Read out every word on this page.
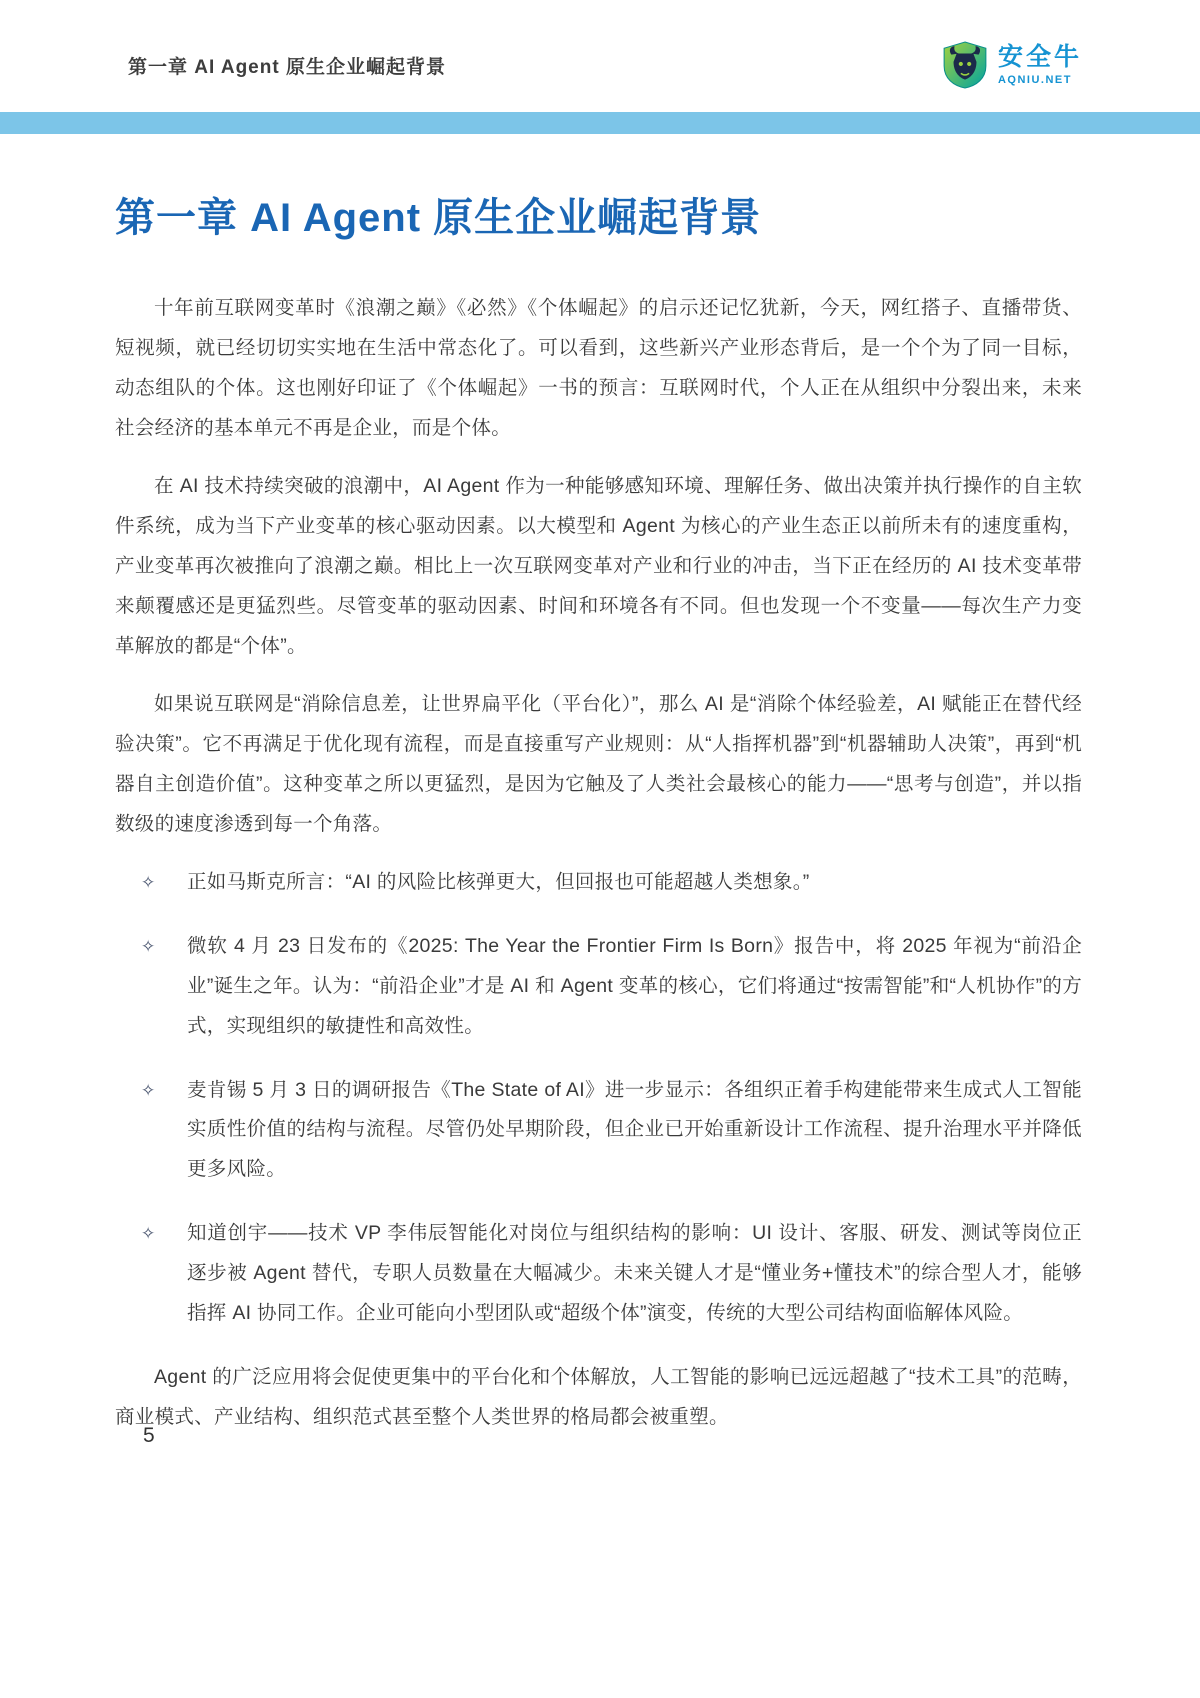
第一章 AI Agent 原生企业崛起背景	安全牛
AQNIU.NET
第一章 AI Agent 原生企业崛起背景

十年前互联网变革时《浪潮之巅》《必然》《个体崛起》的启示还记忆犹新，今天，网红搭子、直播带货、短视频，就已经切切实实地在生活中常态化了。可以看到，这些新兴产业形态背后，是一个个为了同一目标，动态组队的个体。这也刚好印证了《个体崛起》一书的预言：互联网时代，个人正在从组织中分裂出来，未来社会经济的基本单元不再是企业，而是个体。

在 AI 技术持续突破的浪潮中，AI Agent 作为一种能够感知环境、理解任务、做出决策并执行操作的自主软件系统，成为当下产业变革的核心驱动因素。以大模型和 Agent 为核心的产业生态正以前所未有的速度重构，产业变革再次被推向了浪潮之巅。相比上一次互联网变革对产业和行业的冲击，当下正在经历的 AI 技术变革带来颠覆感还是更猛烈些。尽管变革的驱动因素、时间和环境各有不同。但也发现一个不变量——每次生产力变革解放的都是“个体”。

如果说互联网是“消除信息差，让世界扁平化（平台化）”，那么 AI 是“消除个体经验差，AI 赋能正在替代经验决策”。它不再满足于优化现有流程，而是直接重写产业规则：从“人指挥机器”到“机器辅助人决策”，再到“机器自主创造价值”。这种变革之所以更猛烈，是因为它触及了人类社会最核心的能力——“思考与创造”，并以指数级的速度渗透到每一个角落。

✧	正如马斯克所言：“AI 的风险比核弹更大，但回报也可能超越人类想象。”
✧	微软 4 月 23 日发布的《2025: The Year the Frontier Firm Is Born》报告中，将 2025 年视为“前沿企业”诞生之年。认为：“前沿企业”才是 AI 和 Agent 变革的核心，它们将通过“按需智能”和“人机协作”的方式，实现组织的敏捷性和高效性。
✧	麦肯锡 5 月 3 日的调研报告《The State of AI》进一步显示：各组织正着手构建能带来生成式人工智能实质性价值的结构与流程。尽管仍处早期阶段，但企业已开始重新设计工作流程、提升治理水平并降低更多风险。
✧	知道创宇——技术 VP 李伟辰智能化对岗位与组织结构的影响：UI 设计、客服、研发、测试等岗位正逐步被 Agent 替代，专职人员数量在大幅减少。未来关键人才是“懂业务+懂技术”的综合型人才，能够指挥 AI 协同工作。企业可能向小型团队或“超级个体”演变，传统的大型公司结构面临解体风险。

Agent 的广泛应用将会促使更集中的平台化和个体解放，人工智能的影响已远远超越了“技术工具”的范畴，商业模式、产业结构、组织范式甚至整个人类世界的格局都会被重塑。

5
